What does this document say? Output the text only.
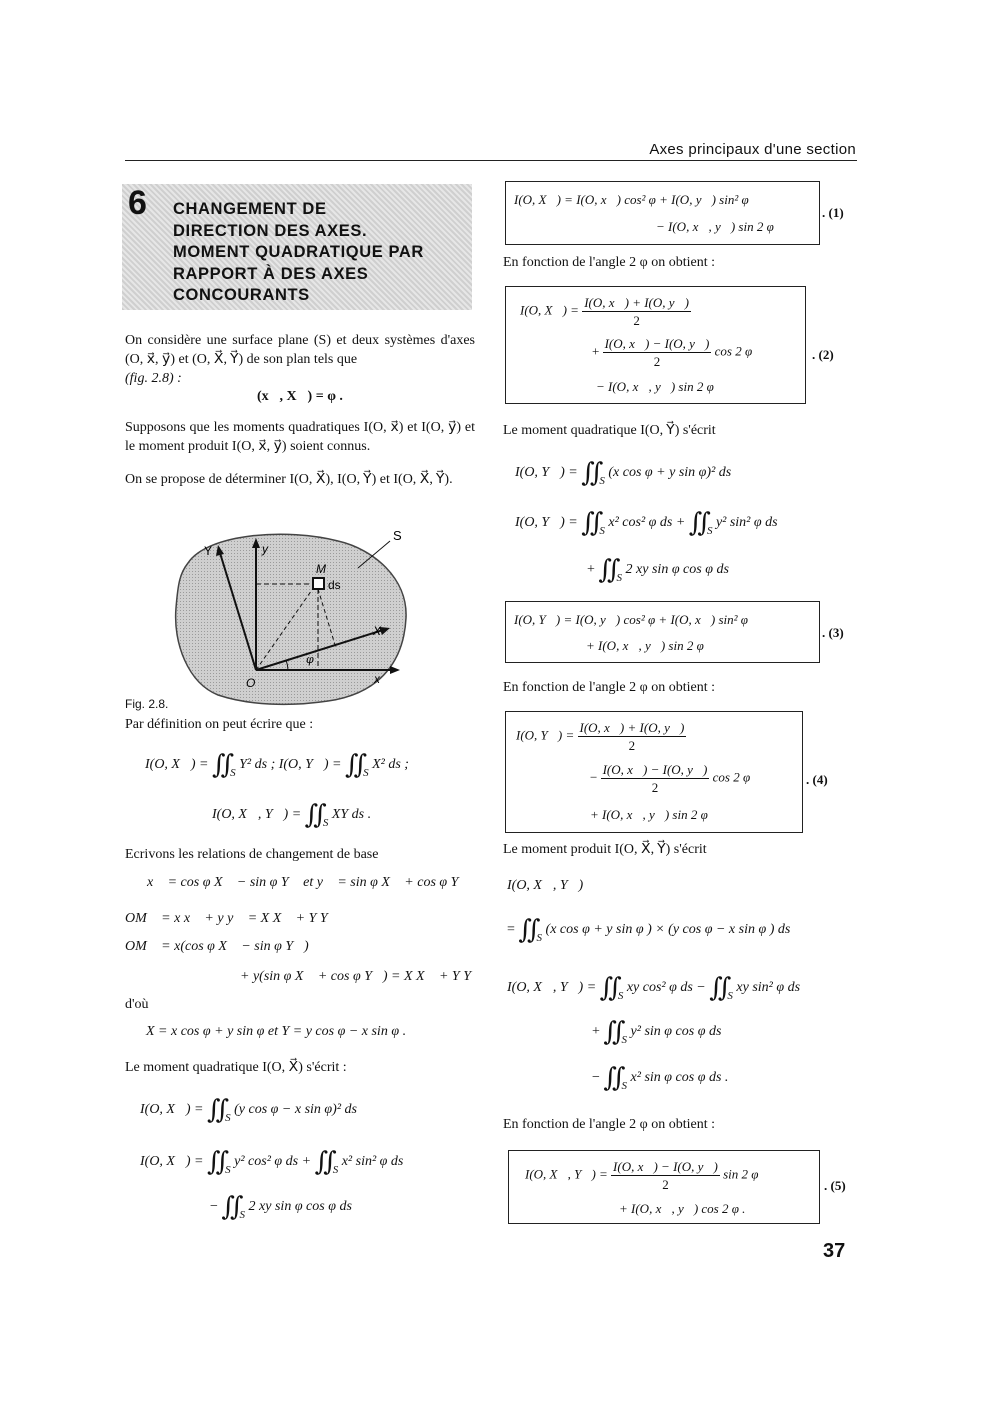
Axes principaux d'une section
6 CHANGEMENT DE
DIRECTION DES AXES.
MOMENT QUADRATIQUE PAR
RAPPORT À DES AXES
CONCOURANTS
On considère une surface plane (S) et deux systèmes d'axes (O, x⃗, y⃗) et (O, X⃗, Y⃗) de son plan tels que
(fig. 2.8) :
(x⃗, X⃗) = φ .
Supposons que les moments quadratiques I(O, x⃗) et I(O, y⃗) et le moment produit I(O, x⃗, y⃗) soient connus.
On se propose de déterminer I(O, X⃗), I(O, Y⃗) et I(O, X⃗, Y⃗).
S
Y	y
M
ds
X
x
O
φ
Fig. 2.8.
Par définition on peut écrire que :
I(O, X⃗) = $∬_S$ Y² ds ; I(O, Y⃗) = $∬_S$ X² ds ;
I(O, X⃗, Y⃗) = $∬_S$ XY ds .
Ecrivons les relations de changement de base
x⃗ = cos φ X⃗ − sin φ Y⃗ et y⃗ = sin φ X⃗ + cos φ Y⃗
OM⃗ = x x⃗ + y y⃗ = X X⃗ + Y Y⃗
OM⃗ = x(cos φ X⃗ − sin φ Y⃗)
+ y(sin φ X⃗ + cos φ Y⃗) = X X⃗ + Y Y⃗
d'où
X = x cos φ + y sin φ et Y = y cos φ − x sin φ .
Le moment quadratique I(O, X⃗) s'écrit :
I(O, X⃗) = $∬_S$ (y cos φ − x sin φ)² ds
I(O, X⃗) = $∬_S$ y² cos² φ ds + $∬_S$ x² sin² φ ds
− $∬_S$ 2 xy sin φ cos φ ds
I(O, X⃗) = I(O, x⃗) cos² φ + I(O, y⃗) sin² φ
− I(O, x⃗, y⃗) sin 2 φ
. (1)
En fonction de l'angle 2 φ on obtient :
I(O, X⃗) = $\frac{I(O, x⃗) + I(O, y⃗)}{2}$
+ $\frac{I(O, x⃗) - I(O, y⃗)}{2}$ cos 2 φ
− I(O, x⃗, y⃗) sin 2 φ
. (2)
Le moment quadratique I(O, Y⃗) s'écrit
I(O, Y⃗) = $∬_S$ (x cos φ + y sin φ)² ds
I(O, Y⃗) = $∬_S$ x² cos² φ ds + $∬_S$ y² sin² φ ds
+ $∬_S$ 2 xy sin φ cos φ ds
I(O, Y⃗) = I(O, y⃗) cos² φ + I(O, x⃗) sin² φ
+ I(O, x⃗, y⃗) sin 2 φ
. (3)
En fonction de l'angle 2 φ on obtient :
I(O, Y⃗) = $\frac{I(O, x⃗) + I(O, y⃗)}{2}$
− $\frac{I(O, x⃗) - I(O, y⃗)}{2}$ cos 2 φ
+ I(O, x⃗, y⃗) sin 2 φ
. (4)
Le moment produit I(O, X⃗, Y⃗) s'écrit
I(O, X⃗, Y⃗)
= $∬_S$ (x cos φ + y sin φ ) × (y cos φ − x sin φ ) ds
I(O, X⃗, Y⃗) = $∬_S$ xy cos² φ ds − $∬_S$ xy sin² φ ds
+ $∬_S$ y² sin φ cos φ ds
− $∬_S$ x² sin φ cos φ ds .
En fonction de l'angle 2 φ on obtient :
I(O, X⃗, Y⃗) = $\frac{I(O, x⃗) - I(O, y⃗)}{2}$ sin 2 φ
+ I(O, x⃗, y⃗) cos 2 φ .
. (5)
37
